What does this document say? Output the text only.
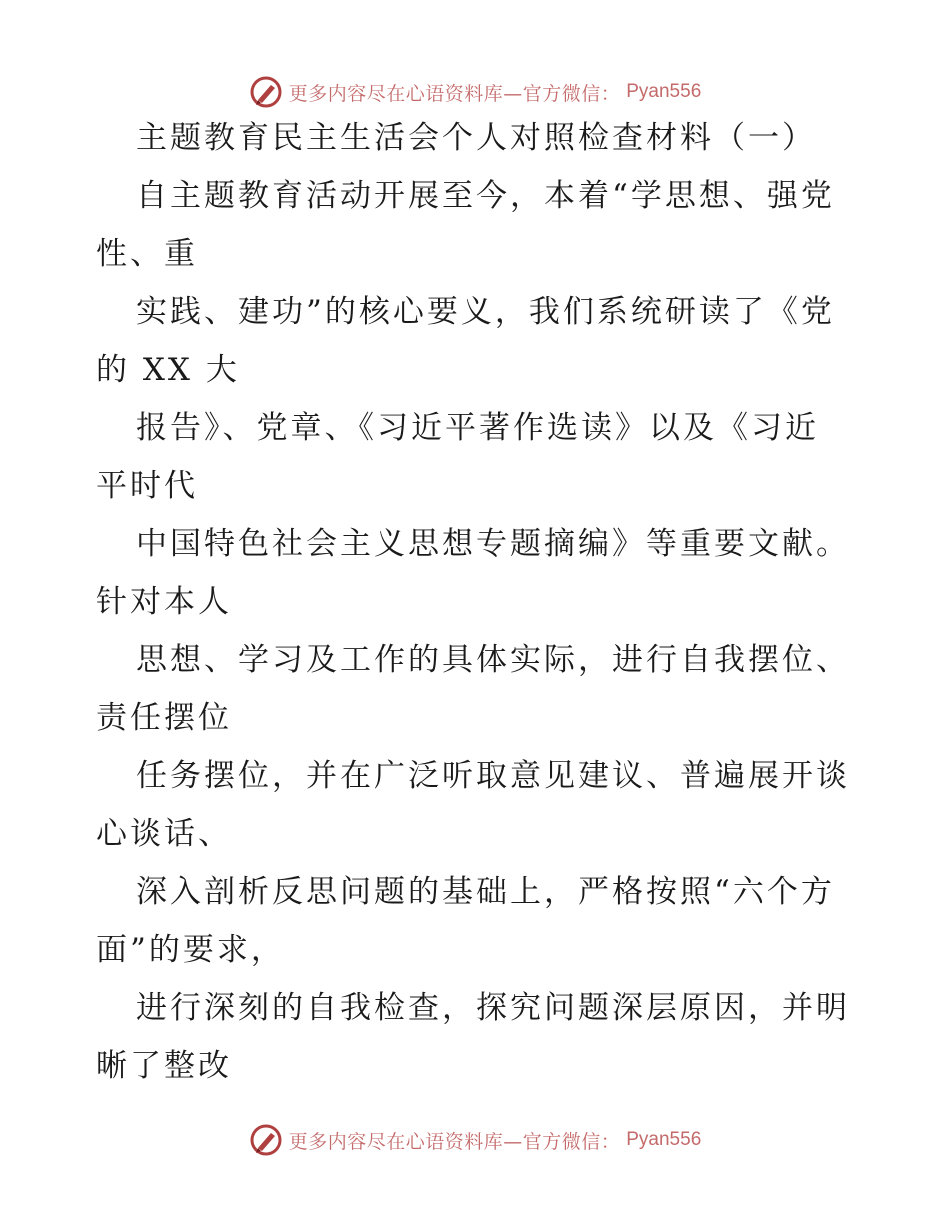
更多内容尽在心语资料库—官方微信： Pyan556
主题教育民主生活会个人对照检查材料（一）
自主题教育活动开展至今，本着“学思想、强党
性、重
实践、建功”的核心要义，我们系统研读了《党
的 XX 大
报告》、党章、《习近平著作选读》以及《习近
平时代
中国特色社会主义思想专题摘编》等重要文献。
针对本人
思想、学习及工作的具体实际，进行自我摆位、
责任摆位
任务摆位，并在广泛听取意见建议、普遍展开谈
心谈话、
深入剖析反思问题的基础上，严格按照“六个方
面”的要求，
进行深刻的自我检查，探究问题深层原因，并明
晰了整改
更多内容尽在心语资料库—官方微信： Pyan556
